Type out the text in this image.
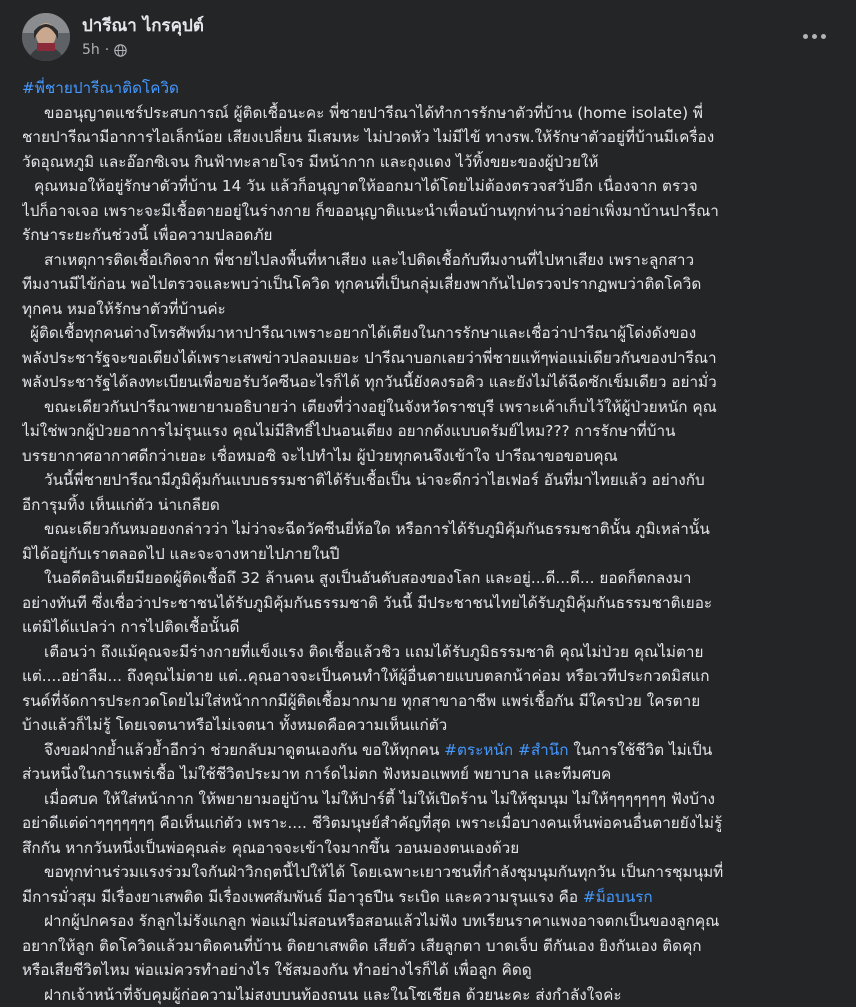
ปารีณา ไกรคุปต์
5h ·
#พี่ชายปารีณาติดโควิด
ขออนุญาตแชร์ประสบการณ์ ผู้ติดเชื้อนะคะ พี่ชายปารีณาได้ทำการรักษาตัวที่บ้าน (home isolate) พี่
ชายปารีณามีอาการไอเล็กน้อย เสียงเปลี่ยน มีเสมหะ ไม่ปวดหัว ไม่มีไข้ ทางรพ.ให้รักษาตัวอยู่ที่บ้านมีเครื่อง
วัดอุณหภูมิ และอ๊อกซิเจน กินฟ้าทะลายโจร มีหน้ากาก และถุงแดง ไว้ทิ้งขยะของผู้ป่วยให้
คุณหมอให้อยู่รักษาตัวที่บ้าน 14 วัน แล้วก็อนุญาตให้ออกมาได้โดยไม่ต้องตรวจสวัปอีก เนื่องจาก ตรวจ
ไปก็อาจเจอ เพราะจะมีเชื้อตายอยู่ในร่างกาย ก็ขออนุญาติแนะนำเพื่อนบ้านทุกท่านว่าอย่าเพิ่งมาบ้านปารีณา
รักษาระยะกันช่วงนี้ เพื่อความปลอดภัย
สาเหตุการติดเชื้อเกิดจาก พี่ชายไปลงพื้นที่หาเสียง และไปติดเชื้อกับทีมงานที่ไปหาเสียง เพราะลูกสาว
ทีมงานมีไข้ก่อน พอไปตรวจและพบว่าเป็นโควิด ทุกคนที่เป็นกลุ่มเสี่ยงพากันไปตรวจปรากฏพบว่าติดโควิด
ทุกคน หมอให้รักษาตัวที่บ้านค่ะ
ผู้ติดเชื้อทุกคนต่างโทรศัพท์มาหาปารีณาเพราะอยากได้เตียงในการรักษาและเชื่อว่าปารีณาผู้โด่งดังของ
พลังประชารัฐจะขอเตียงได้เพราะเสพข่าวปลอมเยอะ ปารีณาบอกเลยว่าพี่ชายแท้ๆพ่อแม่เดียวกันของปารีณา
พลังประชารัฐได้ลงทะเบียนเพื่อขอรับวัคซีนอะไรก็ได้ ทุกวันนี้ยังคงรอคิว และยังไม่ได้ฉีดซักเข็มเดียว อย่ามั่ว
ขณะเดียวกันปารีณาพยายามอธิบายว่า เตียงที่ว่างอยู่ในจังหวัดราชบุรี เพราะเค้าเก็บไว้ให้ผู้ป่วยหนัก คุณ
ไม่ใช่พวกผู้ป่วยอาการไม่รุนแรง คุณไม่มีสิทธิ์ไปนอนเตียง อยากดังแบบดรัมย์ไหม??? การรักษาที่บ้าน
บรรยากาศอากาศดีกว่าเยอะ เชื่อหมอซิ จะไปทำไม ผู้ป่วยทุกคนจึงเข้าใจ ปารีณาขอขอบคุณ
วันนี้พี่ชายปารีณามีภูมิคุ้มกันแบบธรรมชาติได้รับเชื้อเป็น น่าจะดีกว่าไฮเฟอร์ อันที่มาไทยแล้ว อย่างกับ
อีการุมทิ้ง เห็นแก่ตัว น่าเกลียด
ขณะเดียวกันหมอยงกล่าวว่า ไม่ว่าจะฉีดวัคซีนยี่ห้อใด หรือการได้รับภูมิคุ้มกันธรรมชาตินั้น ภูมิเหล่านั้น
มิได้อยู่กับเราตลอดไป และจะจางหายไปภายในปี
ในอดีตอินเดียมียอดผู้ติดเชื้อถึ 32 ล้านคน สูงเป็นอันดับสองของโลก และอยู่...ดี...ดี... ยอดก็ตกลงมา
อย่างทันที ซึ่งเชื่อว่าประชาชนได้รับภูมิคุ้มกันธรรมชาติ วันนี้ มีประชาชนไทยได้รับภูมิคุ้มกันธรรมชาติเยอะ
แต่มิได้แปลว่า การไปติดเชื้อนั้นดี
เตือนว่า ถึงแม้คุณจะมีร่างกายที่แข็งแรง ติดเชื้อแล้วชิว แถมได้รับภูมิธรรมชาติ คุณไม่ป่วย คุณไม่ตาย
แต่....อย่าลืม... ถึงคุณไม่ตาย แต่..คุณอาจจะเป็นคนทำให้ผู้อื่นตายแบบตลกน้าค่อม หรือเวทีประกวดมิสแก
รนด์ที่จัดการประกวดโดยไม่ใส่หน้ากากมีผู้ติดเชื้อมากมาย ทุกสาขาอาชีพ แพร่เชื้อกัน มีใครป่วย ใครตาย
บ้างแล้วก็ไม่รู้ โดยเจตนาหรือไม่เจตนา ทั้งหมดคือความเห็นแก่ตัว
จึงขอฝากย้ำแล้วย้ำอีกว่า ช่วยกลับมาดูตนเองกัน ขอให้ทุกคน #ตระหนัก #สำนึก ในการใช้ชีวิต ไม่เป็น
ส่วนหนึ่งในการแพร่เชื้อ ไม่ใช้ชีวิตประมาท การ์ดไม่ตก ฟังหมอแพทย์ พยาบาล และทีมศบค
เมื่อศบค ให้ใส่หน้ากาก ให้พยายามอยู่บ้าน ไม่ให้ปาร์ตี้ ไม่ให้เปิดร้าน ไม่ให้ชุมนุม ไม่ให้ๆๆๆๆๆๆๆ ฟังบ้าง
อย่าดีแต่ด่าๆๆๆๆๆๆๆ คือเห็นแก่ตัว เพราะ.... ชีวิตมนุษย์สำคัญที่สุด เพราะเมื่อบางคนเห็นพ่อคนอื่นตายยังไม่รู้
สึกกัน หากวันหนึ่งเป็นพ่อคุณล่ะ คุณอาจจะเข้าใจมากขึ้น วอนมองตนเองด้วย
ขอทุกท่านร่วมแรงร่วมใจกันฝ่าวิกฤตนี้ไปให้ได้ โดยเฉพาะเยาวชนที่กำลังชุมนุมกันทุกวัน เป็นการชุมนุมที่
มีการมั่วสุม มีเรื่องยาเสพติด มีเรื่องเพศสัมพันธ์ มีอาวุธปืน ระเบิด และความรุนแรง คือ #ม็อบนรก
ฝากผู้ปกครอง รักลูกไม่รังแกลูก พ่อแม่ไม่สอนหรือสอนแล้วไม่ฟัง บทเรียนราคาแพงอาจตกเป็นของลูกคุณ
อยากให้ลูก ติดโควิดแล้วมาติดคนที่บ้าน ติดยาเสพติด เสียตัว เสียลูกตา บาดเจ็บ ตีกันเอง ยิงกันเอง ติดคุก
หรือเสียชีวิตไหม พ่อแม่ควรทำอย่างไร ใช้สมองกัน ทำอย่างไรก็ได้ เพื่อลูก คิดดู
ฝากเจ้าหน้าที่จับคุมผู้ก่อความไม่สงบบนท้องถนน และในโซเชียล ด้วยนะคะ ส่งกำลังใจค่ะ
